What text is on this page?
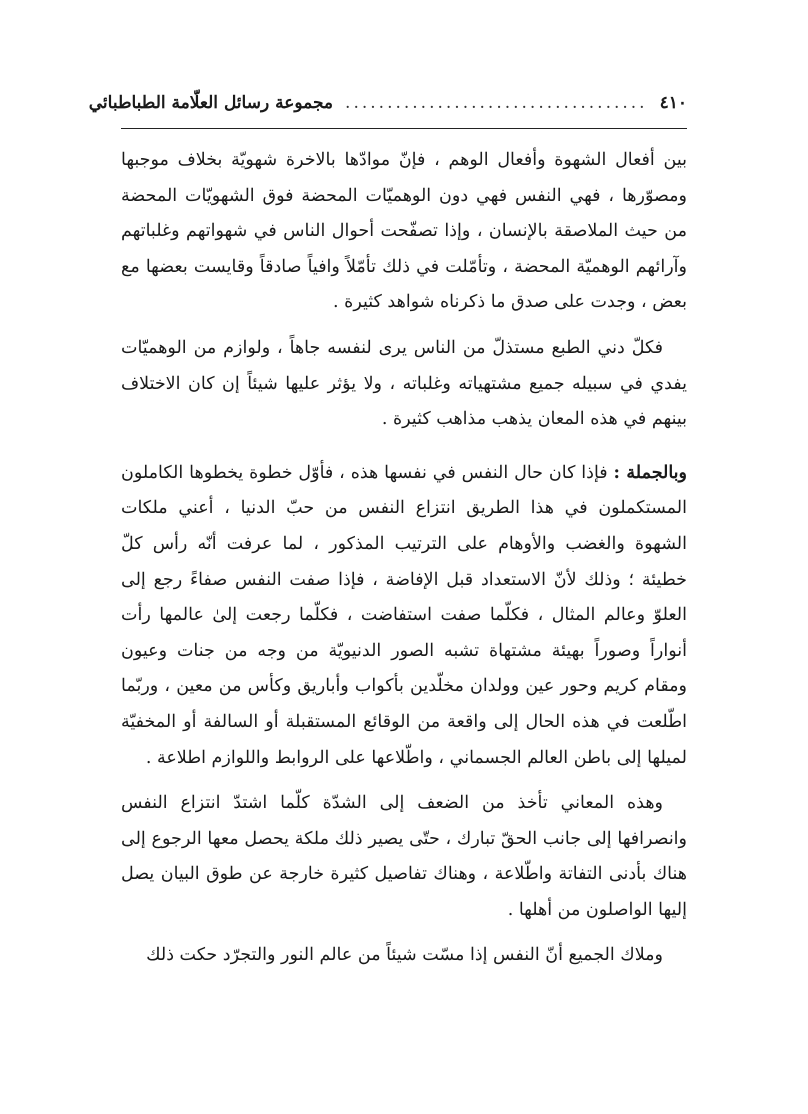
٤١٠
....................................
مجموعة رسائل العلّامة الطباطبائي

بين أفعال الشهوة وأفعال الوهم ، فإنّ موادّها بالاخرة شهويّة بخلاف موجبها ومصوّرها ، فهي النفس فهي دون الوهميّات المحضة فوق الشهويّات المحضة من حيث الملاصقة بالإنسان ، وإذا تصفّحت أحوال الناس في شهواتهم وغلباتهم وآرائهم الوهميّة المحضة ، وتأمّلت في ذلك تأمّلاً وافياً صادقاً وقايست بعضها مع بعض ، وجدت على صدق ما ذكرناه شواهد كثيرة .

فكلّ دني الطبع مستذلّ من الناس يرى لنفسه جاهاً ، ولوازم من الوهميّات يفدي في سبيله جميع مشتهياته وغلباته ، ولا يؤثر عليها شيئاً إن كان الاختلاف بينهم في هذه المعان يذهب مذاهب كثيرة .

وبالجملة : فإذا كان حال النفس في نفسها هذه ، فأوّل خطوة يخطوها الكاملون المستكملون في هذا الطريق انتزاع النفس من حبّ الدنيا ، أعني ملكات الشهوة والغضب والأوهام على الترتيب المذكور ، لما عرفت أنّه رأس كلّ خطيئة ؛ وذلك لأنّ الاستعداد قبل الإفاضة ، فإذا صفت النفس صفاءً رجع إلى العلوّ وعالم المثال ، فكلّما صفت استفاضت ، فكلّما رجعت إلىٰ عالمها رأت أنواراً وصوراً بهيئة مشتهاة تشبه الصور الدنيويّة من وجه من جنات وعيون ومقام كريم وحور عين وولدان مخلّدين بأكواب وأباريق وكأس من معين ، وربّما اطّلعت في هذه الحال إلى واقعة من الوقائع المستقبلة أو السالفة أو المخفيّة لميلها إلى باطن العالم الجسماني ، واطّلاعها على الروابط واللوازم اطلاعة .

وهذه المعاني تأخذ من الضعف إلى الشدّة كلّما اشتدّ انتزاع النفس وانصرافها إلى جانب الحقّ تبارك ، حتّى يصير ذلك ملكة يحصل معها الرجوع إلى هناك بأدنى التفاتة واطّلاعة ، وهناك تفاصيل كثيرة خارجة عن طوق البيان يصل إليها الواصلون من أهلها .

وملاك الجميع أنّ النفس إذا مسّت شيئاً من عالم النور والتجرّد حكت ذلك
